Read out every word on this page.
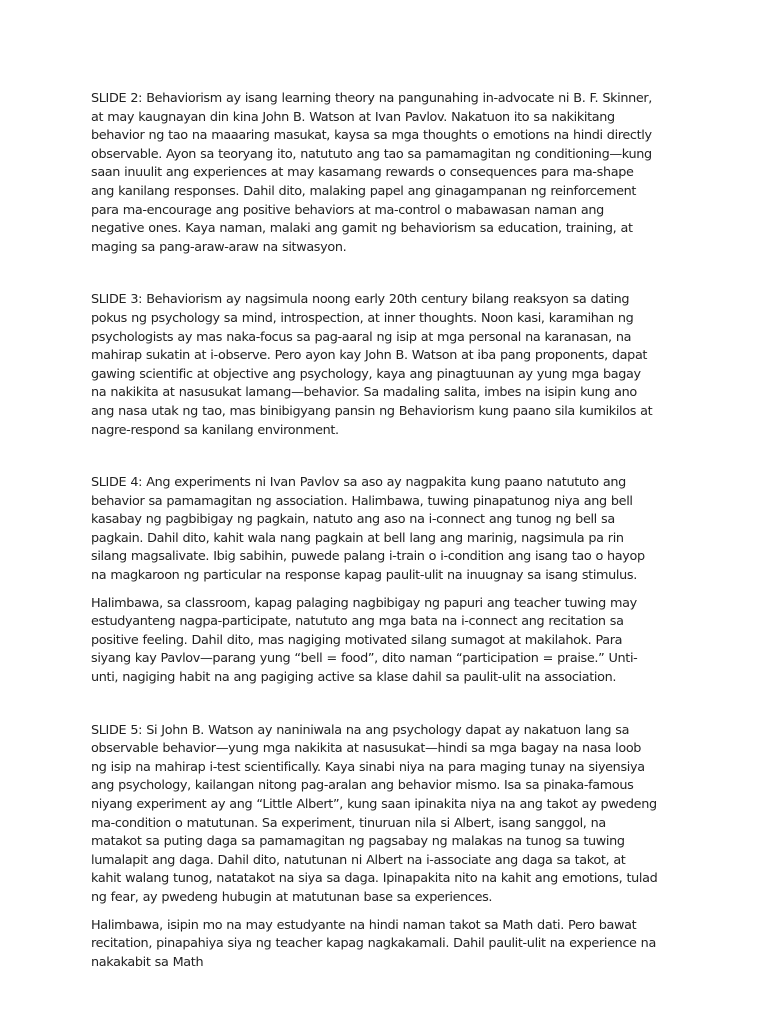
SLIDE 2: Behaviorism ay isang learning theory na pangunahing in-advocate ni B. F. Skinner, at may kaugnayan din kina John B. Watson at Ivan Pavlov. Nakatuon ito sa nakikitang behavior ng tao na maaaring masukat, kaysa sa mga thoughts o emotions na hindi directly observable. Ayon sa teoryang ito, natututo ang tao sa pamamagitan ng conditioning—kung saan inuulit ang experiences at may kasamang rewards o consequences para ma-shape ang kanilang responses. Dahil dito, malaking papel ang ginagampanan ng reinforcement para ma-encourage ang positive behaviors at ma-control o mabawasan naman ang negative ones. Kaya naman, malaki ang gamit ng behaviorism sa education, training, at maging sa pang-araw-araw na sitwasyon.

SLIDE 3: Behaviorism ay nagsimula noong early 20th century bilang reaksyon sa dating pokus ng psychology sa mind, introspection, at inner thoughts. Noon kasi, karamihan ng psychologists ay mas naka-focus sa pag-aaral ng isip at mga personal na karanasan, na mahirap sukatin at i-observe. Pero ayon kay John B. Watson at iba pang proponents, dapat gawing scientific at objective ang psychology, kaya ang pinagtuunan ay yung mga bagay na nakikita at nasusukat lamang—behavior. Sa madaling salita, imbes na isipin kung ano ang nasa utak ng tao, mas binibigyang pansin ng Behaviorism kung paano sila kumikilos at nagre-respond sa kanilang environment.

SLIDE 4: Ang experiments ni Ivan Pavlov sa aso ay nagpakita kung paano natututo ang behavior sa pamamagitan ng association. Halimbawa, tuwing pinapatunog niya ang bell kasabay ng pagbibigay ng pagkain, natuto ang aso na i-connect ang tunog ng bell sa pagkain. Dahil dito, kahit wala nang pagkain at bell lang ang marinig, nagsimula pa rin silang magsalivate. Ibig sabihin, puwede palang i-train o i-condition ang isang tao o hayop na magkaroon ng particular na response kapag paulit-ulit na inuugnay sa isang stimulus.

Halimbawa, sa classroom, kapag palaging nagbibigay ng papuri ang teacher tuwing may estudyanteng nagpa-participate, natututo ang mga bata na i-connect ang recitation sa positive feeling. Dahil dito, mas nagiging motivated silang sumagot at makilahok. Para siyang kay Pavlov—parang yung “bell = food”, dito naman “participation = praise.” Unti-unti, nagiging habit na ang pagiging active sa klase dahil sa paulit-ulit na association.

SLIDE 5: Si John B. Watson ay naniniwala na ang psychology dapat ay nakatuon lang sa observable behavior—yung mga nakikita at nasusukat—hindi sa mga bagay na nasa loob ng isip na mahirap i-test scientifically. Kaya sinabi niya na para maging tunay na siyensiya ang psychology, kailangan nitong pag-aralan ang behavior mismo. Isa sa pinaka-famous niyang experiment ay ang “Little Albert”, kung saan ipinakita niya na ang takot ay pwedeng ma-condition o matutunan. Sa experiment, tinuruan nila si Albert, isang sanggol, na matakot sa puting daga sa pamamagitan ng pagsabay ng malakas na tunog sa tuwing lumalapit ang daga. Dahil dito, natutunan ni Albert na i-associate ang daga sa takot, at kahit walang tunog, natatakot na siya sa daga. Ipinapakita nito na kahit ang emotions, tulad ng fear, ay pwedeng hubugin at matutunan base sa experiences.

Halimbawa, isipin mo na may estudyante na hindi naman takot sa Math dati. Pero bawat recitation, pinapahiya siya ng teacher kapag nagkakamali. Dahil paulit-ulit na experience na nakakabit sa Math
